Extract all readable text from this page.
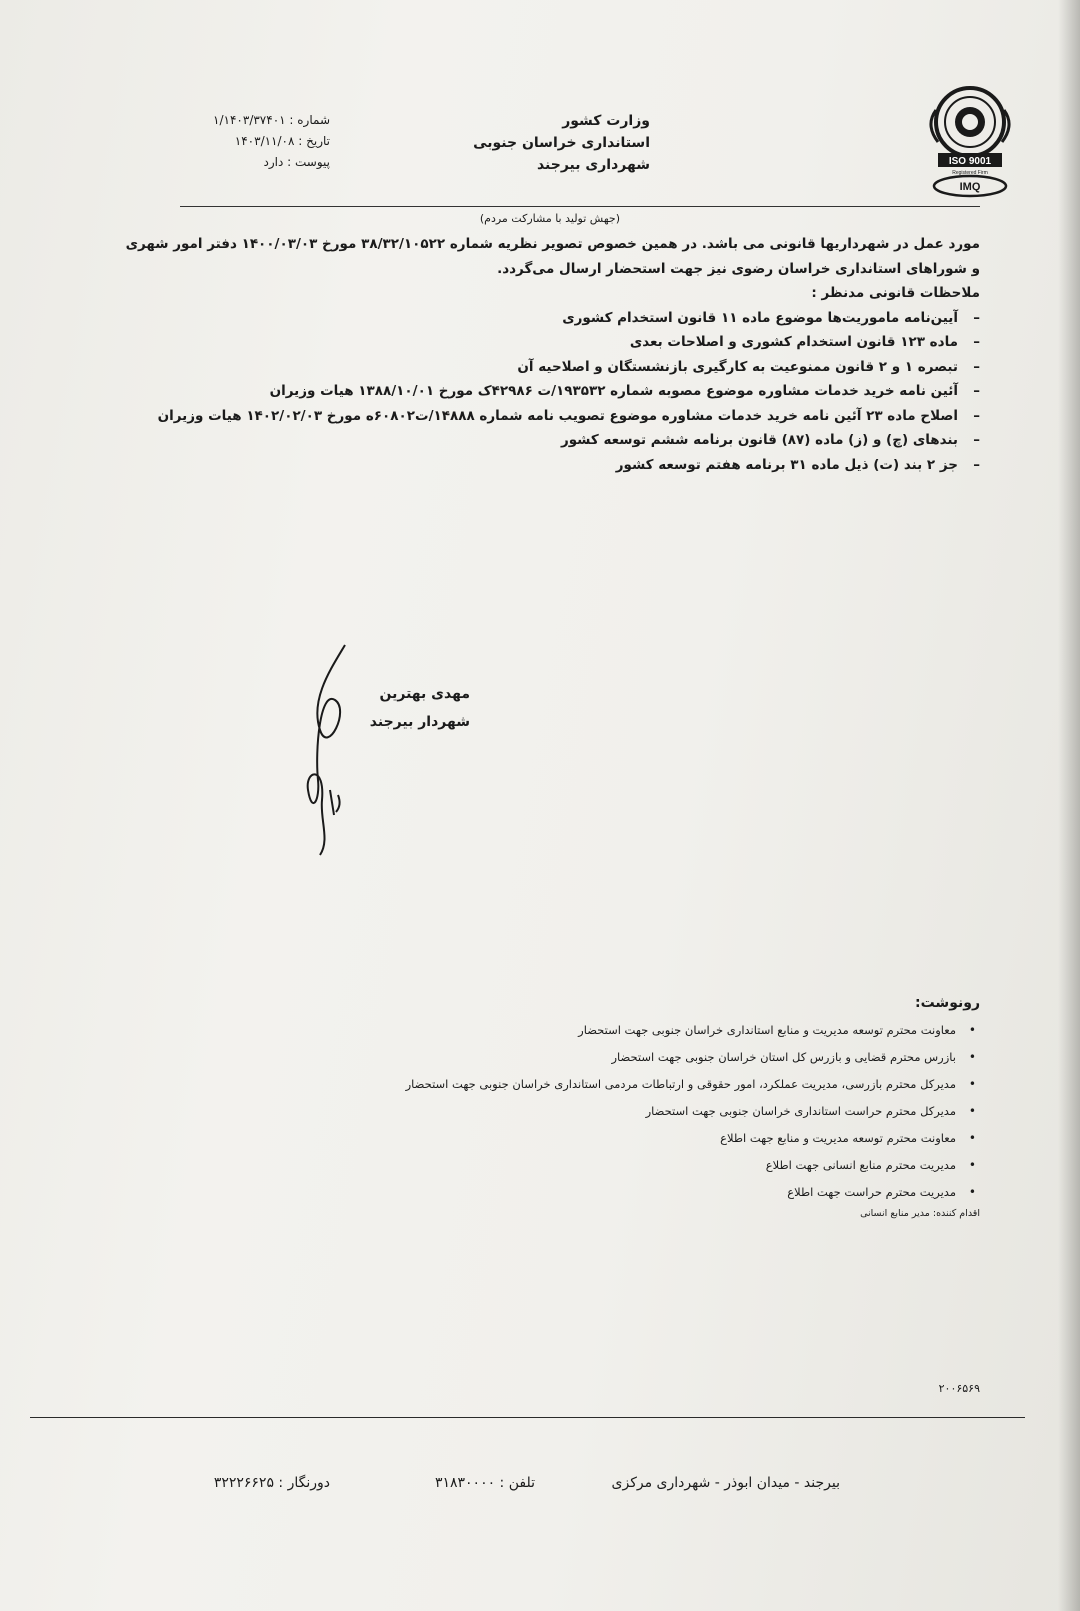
ISO 9001
Registered Firm
IMQ
وزارت کشور
استانداری خراسان جنوبی
شهرداری بیرجند
شماره : ۱/۱۴۰۳/۳۷۴۰۱
تاریخ : ۱۴۰۳/۱۱/۰۸
پیوست : دارد
(جهش تولید با مشارکت مردم)

مورد عمل در شهرداریها قانونی می باشد. در همین خصوص تصویر نظریه شماره ۳۸/۳۲/۱۰۵۲۲ مورخ ۱۴۰۰/۰۳/۰۳ دفتر امور شهری و شوراهای استانداری خراسان رضوی نیز جهت استحضار ارسال می‌گردد.

ملاحظات قانونی مدنظر :

– آیین‌نامه ماموریت‌ها موضوع ماده ۱۱ قانون استخدام کشوری
– ماده ۱۲۳ قانون استخدام کشوری و اصلاحات بعدی
– تبصره ۱ و ۲ قانون ممنوعیت به کارگیری بازنشستگان و اصلاحیه آن
– آئین نامه خرید خدمات مشاوره موضوع مصوبه شماره ۱۹۳۵۳۲/ت ۴۲۹۸۶ک مورخ ۱۳۸۸/۱۰/۰۱ هیات وزیران
– اصلاح ماده ۲۳ آئین نامه خرید خدمات مشاوره موضوع تصویب نامه شماره ۱۴۸۸۸/ت۶۰۸۰۲ه مورخ ۱۴۰۲/۰۲/۰۳ هیات وزیران
– بندهای (چ) و (ز) ماده (۸۷) قانون برنامه ششم توسعه کشور
– جز ۲ بند (ت) ذیل ماده ۳۱ برنامه هفتم توسعه کشور
مهدی بهترین
شهردار بیرجند
رونوشت:
• معاونت محترم توسعه مدیریت و منابع استانداری خراسان جنوبی جهت استحضار
• بازرس محترم قضایی و بازرس کل استان خراسان جنوبی جهت استحضار
• مدیرکل محترم بازرسی، مدیریت عملکرد، امور حقوقی و ارتباطات مردمی استانداری خراسان جنوبی جهت استحضار
• مدیرکل محترم حراست استانداری خراسان جنوبی جهت استحضار
• معاونت محترم توسعه مدیریت و منابع جهت اطلاع
• مدیریت محترم منابع انسانی جهت اطلاع
• مدیریت محترم حراست جهت اطلاع
اقدام کننده: مدیر منابع انسانی
۲۰۰۶۵۶۹
بیرجند - میدان ابوذر - شهرداری مرکزی
تلفن : ۳۱۸۳۰۰۰۰
دورنگار : ۳۲۲۲۶۶۲۵
